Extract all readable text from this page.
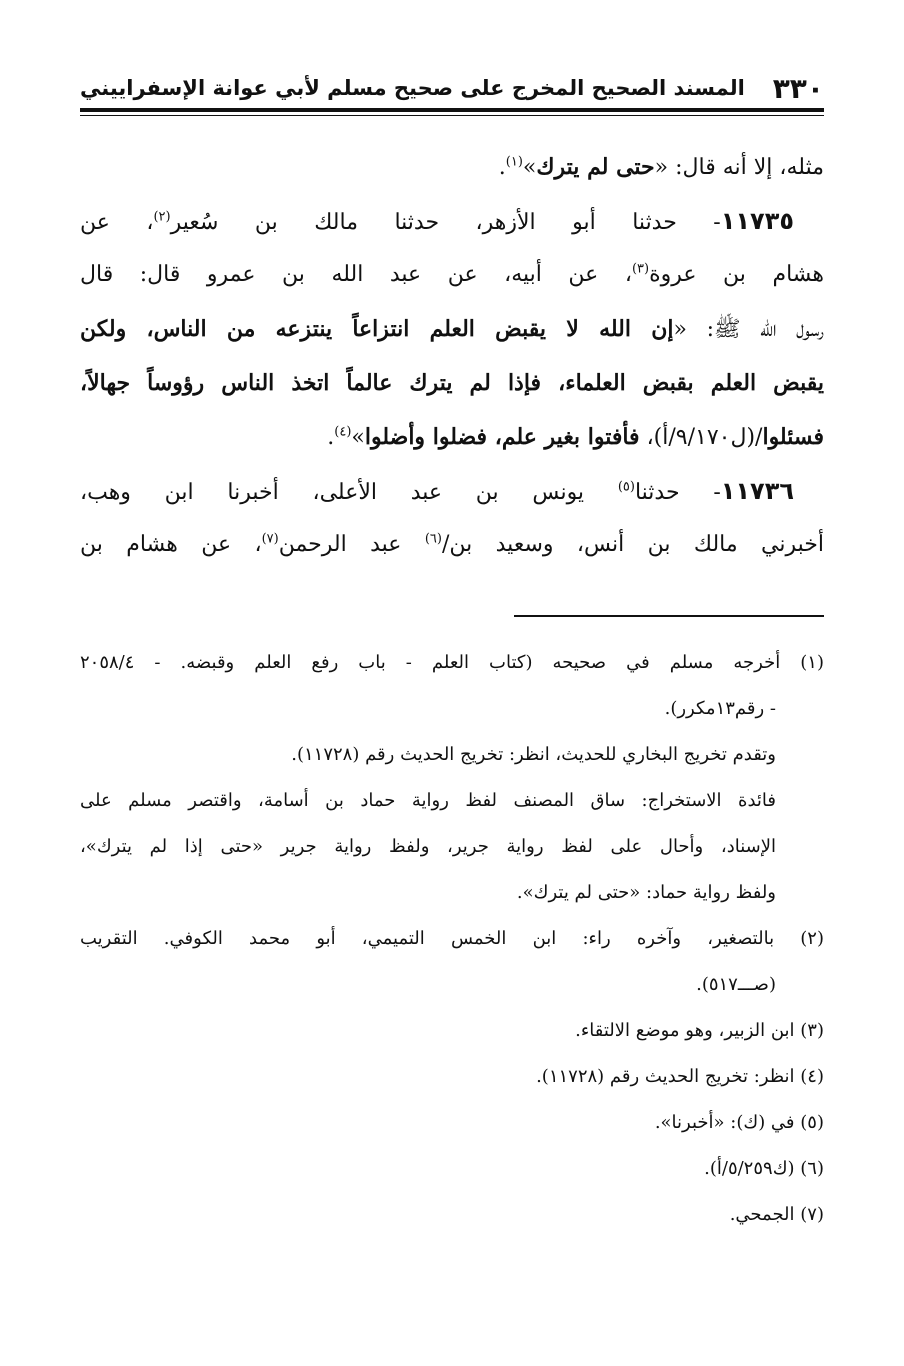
٣٣٠
المسند الصحيح المخرج على صحيح مسلم لأبي عوانة الإسفراييني
مثله، إلا أنه قال: «حتى لم يترك»$^{(١)}$.
١١٧٣٥- حدثنا أبو الأزهر، حدثنا مالك بن سُعير$^{(٢)}$، عن
هشام بن عروة$^{(٣)}$، عن أبيه، عن عبد الله بن عمرو قال: قال
رسول الله ﷺ: «إن الله لا يقبض العلم انتزاعاً ينتزعه من الناس، ولكن
يقبض العلم بقبض العلماء، فإذا لم يترك عالماً اتخذ الناس رؤوساً جهالاً،
فسئلوا/(ل٩/١٧٠/أ)، فأفتوا بغير علم، فضلوا وأضلوا»$^{(٤)}$.
١١٧٣٦- حدثنا$^{(٥)}$ يونس بن عبد الأعلى، أخبرنا ابن وهب،
أخبرني مالك بن أنس، وسعيد بن/$^{(٦)}$ عبد الرحمن$^{(٧)}$، عن هشام بن
(١) أخرجه مسلم في صحيحه (كتاب العلم - باب رفع العلم وقبضه. - ٢٠٥٨/٤
- رقم١٣مكرر).
وتقدم تخريج البخاري للحديث، انظر: تخريج الحديث رقم (١١٧٢٨).
فائدة الاستخراج: ساق المصنف لفظ رواية حماد بن أسامة، واقتصر مسلم على
الإسناد، وأحال على لفظ رواية جرير، ولفظ رواية جرير «حتى إذا لم يترك»،
ولفظ رواية حماد: «حتى لم يترك».
(٢) بالتصغير، وآخره راء: ابن الخمس التميمي، أبو محمد الكوفي. التقريب
(صـــ٥١٧).
(٣) ابن الزبير، وهو موضع الالتقاء.
(٤) انظر: تخريج الحديث رقم (١١٧٢٨).
(٥) في (ك): «أخبرنا».
(٦) (ك٥/٢٥٩/أ).
(٧) الجمحي.
